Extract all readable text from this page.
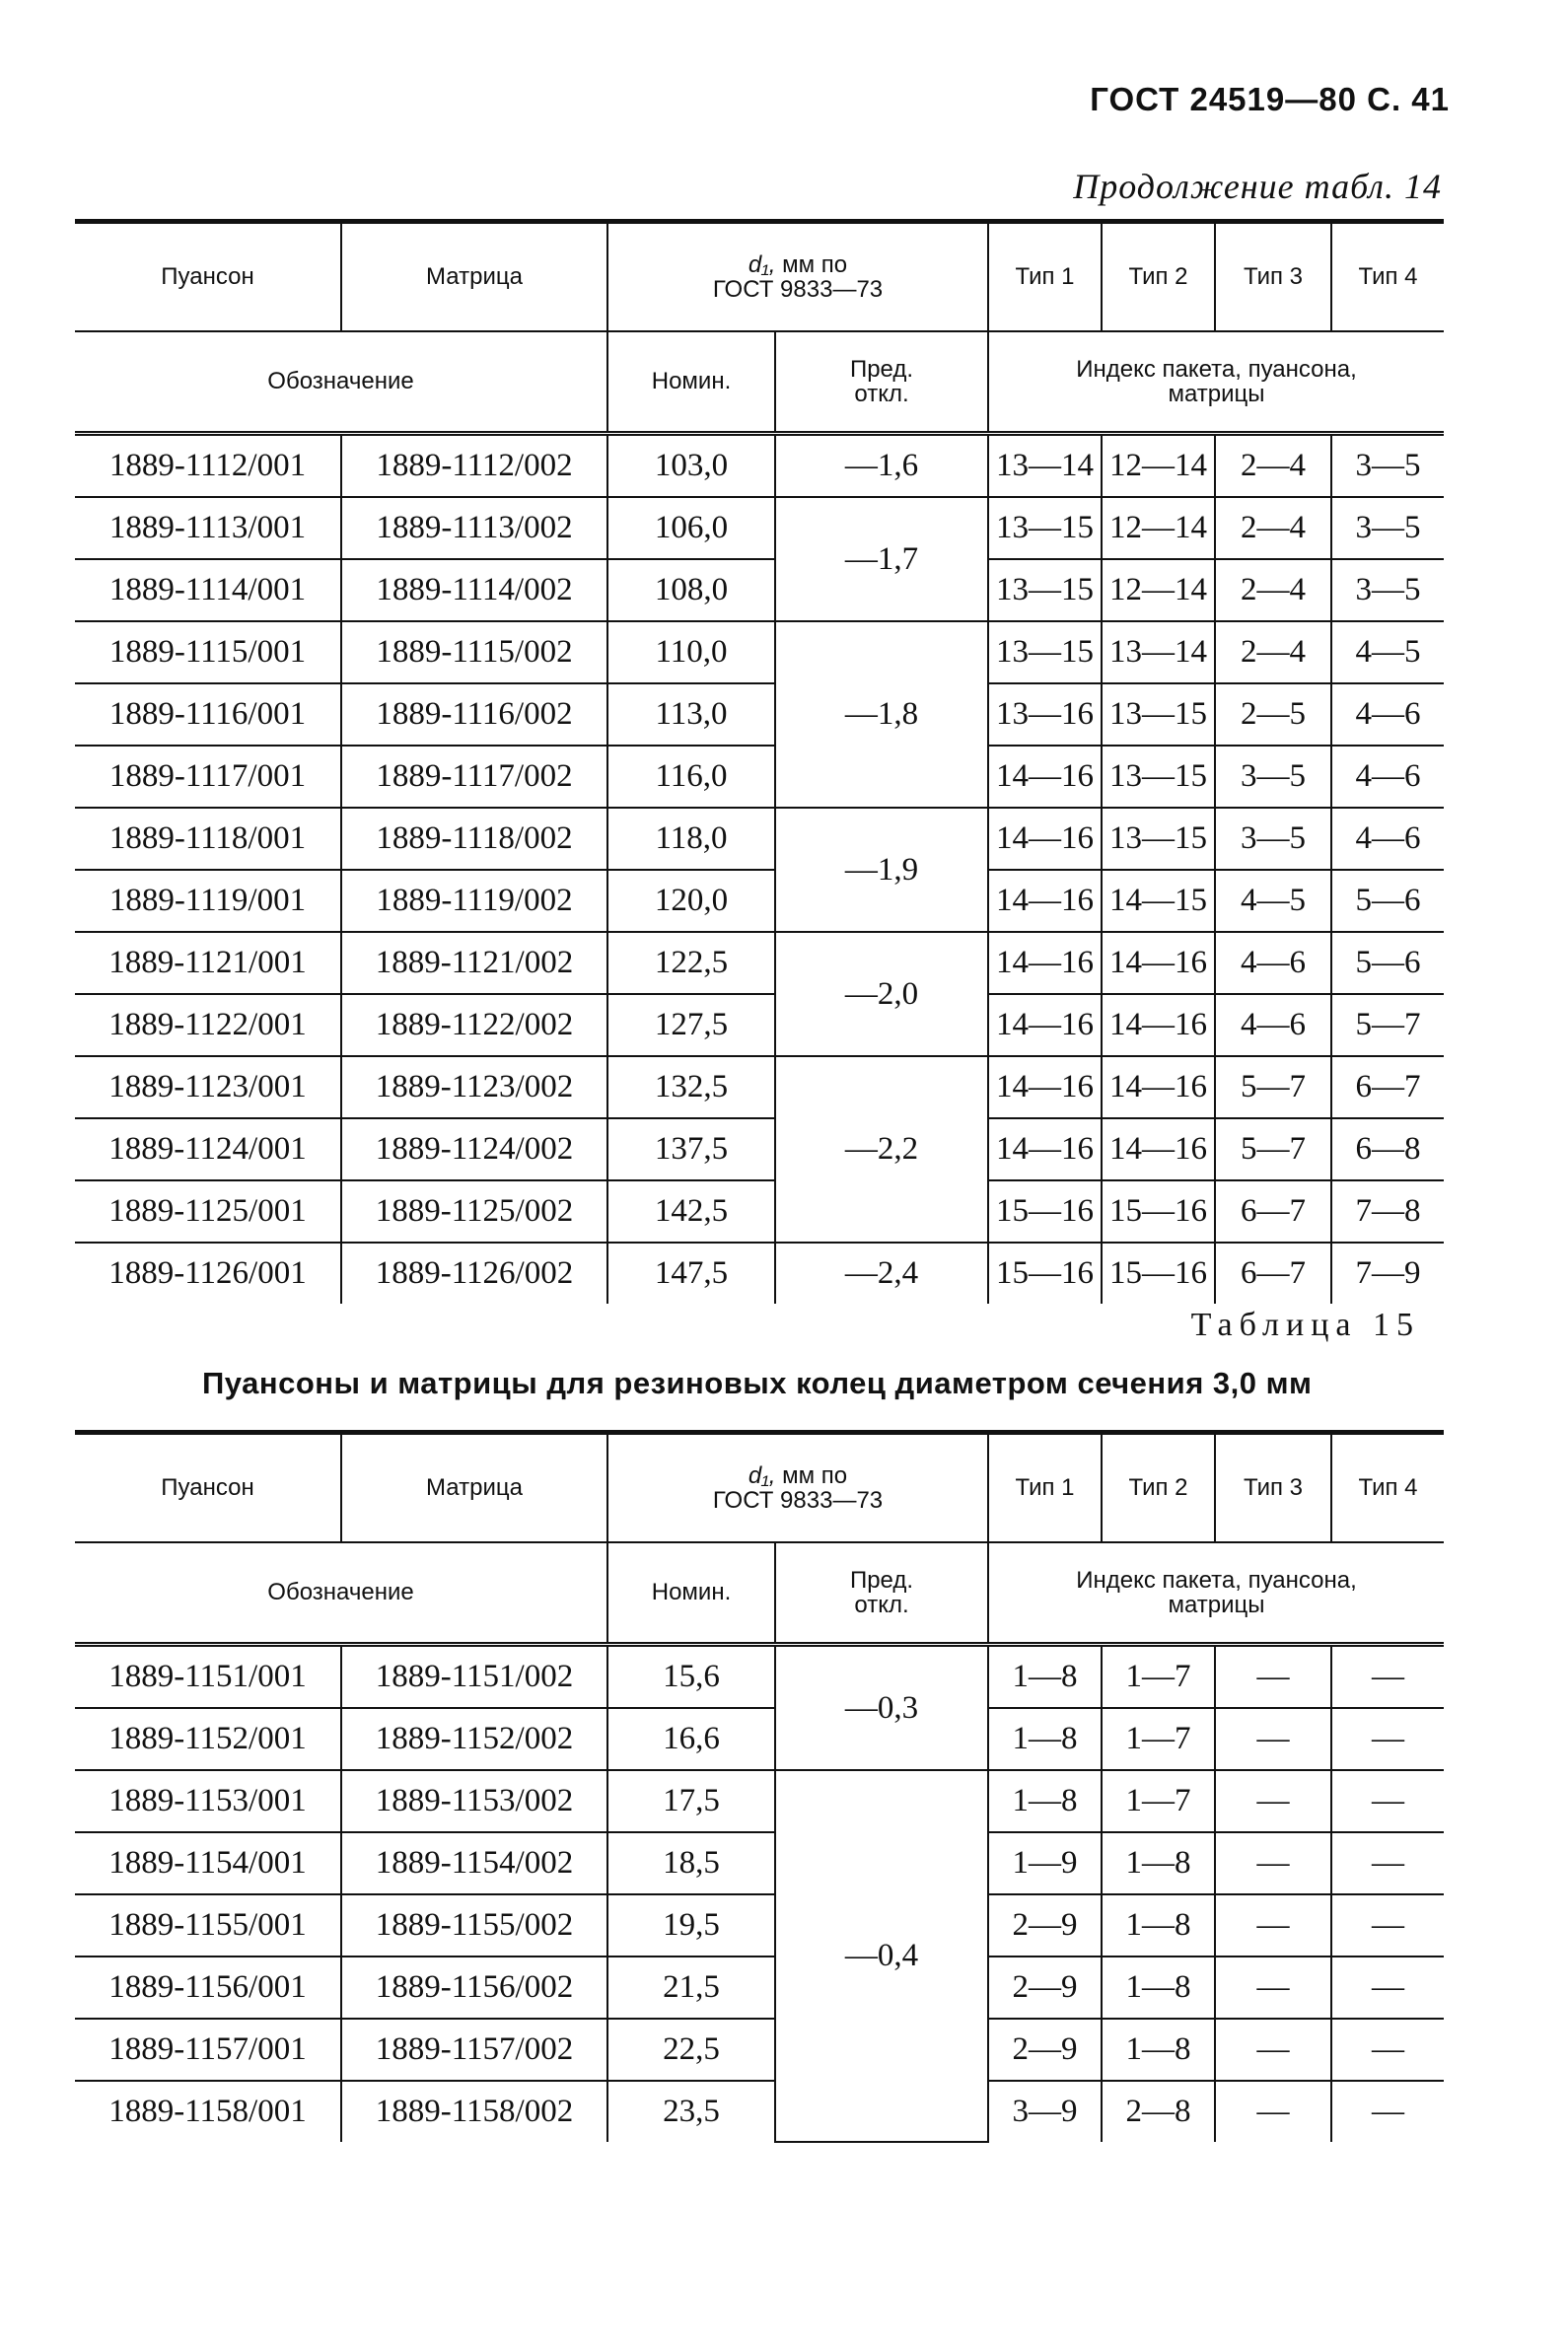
ГОСТ 24519—80 С. 41
Продолжение табл. 14
Пуансон	Матрица	d₁, мм по
ГОСТ 9833—73		Тип 1	Тип 2	Тип 3	Тип 4
Обозначение		Номин.	Пред.
откл.	Индекс пакета, пуансона,
матрицы			
1889-1112/001	1889-1112/002	103,0	—1,6	13—14	12—14	2—4	3—5
1889-1113/001	1889-1113/002	106,0	—1,7	13—15	12—14	2—4	3—5
1889-1114/001	1889-1114/002	108,0		13—15	12—14	2—4	3—5
1889-1115/001	1889-1115/002	110,0	—1,8	13—15	13—14	2—4	4—5
1889-1116/001	1889-1116/002	113,0		13—16	13—15	2—5	4—6
1889-1117/001	1889-1117/002	116,0		14—16	13—15	3—5	4—6
1889-1118/001	1889-1118/002	118,0	—1,9	14—16	13—15	3—5	4—6
1889-1119/001	1889-1119/002	120,0		14—16	14—15	4—5	5—6
1889-1121/001	1889-1121/002	122,5	—2,0	14—16	14—16	4—6	5—6
1889-1122/001	1889-1122/002	127,5		14—16	14—16	4—6	5—7
1889-1123/001	1889-1123/002	132,5	—2,2	14—16	14—16	5—7	6—7
1889-1124/001	1889-1124/002	137,5		14—16	14—16	5—7	6—8
1889-1125/001	1889-1125/002	142,5		15—16	15—16	6—7	7—8
1889-1126/001	1889-1126/002	147,5	—2,4	15—16	15—16	6—7	7—9
Таблица 15
Пуансоны и матрицы для резиновых колец диаметром сечения 3,0 мм
Пуансон	Матрица	d₁, мм по
ГОСТ 9833—73		Тип 1	Тип 2	Тип 3	Тип 4
Обозначение		Номин.	Пред.
откл.	Индекс пакета, пуансона,
матрицы			
1889-1151/001	1889-1151/002	15,6	—0,3	1—8	1—7	—	—
1889-1152/001	1889-1152/002	16,6		1—8	1—7	—	—
1889-1153/001	1889-1153/002	17,5	—0,4	1—8	1—7	—	—
1889-1154/001	1889-1154/002	18,5		1—9	1—8	—	—
1889-1155/001	1889-1155/002	19,5		2—9	1—8	—	—
1889-1156/001	1889-1156/002	21,5		2—9	1—8	—	—
1889-1157/001	1889-1157/002	22,5		2—9	1—8	—	—
1889-1158/001	1889-1158/002	23,5		3—9	2—8	—	—
